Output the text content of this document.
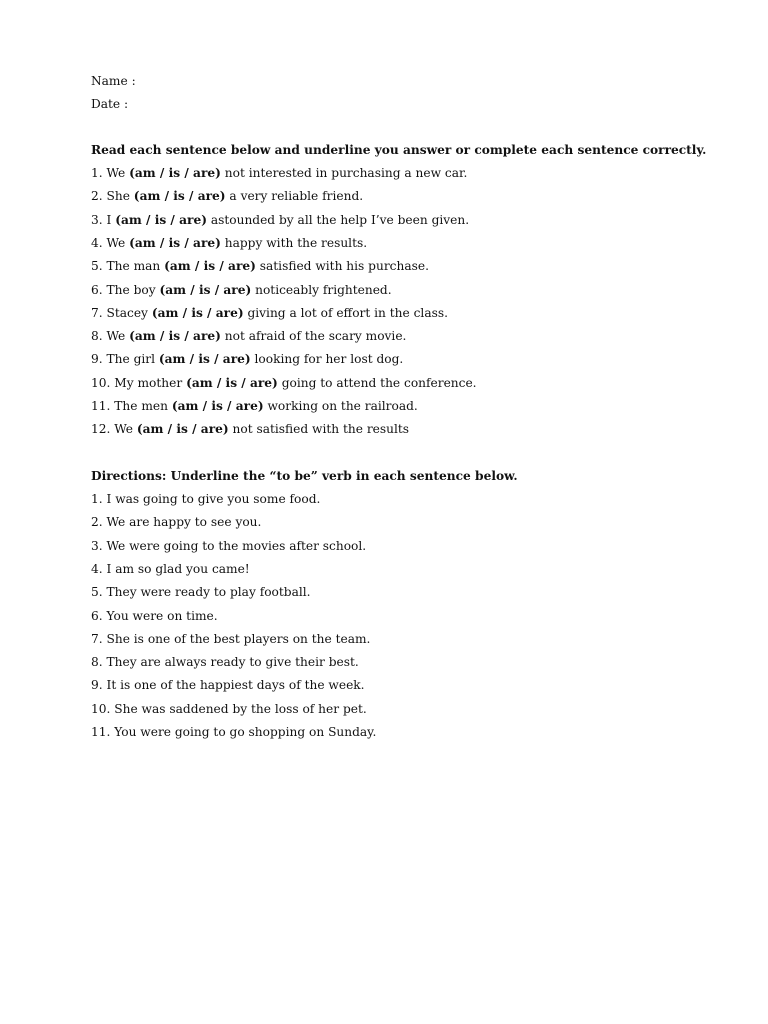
Name :
Date :
Read each sentence below and underline you answer or complete each sentence correctly.
1. We (am / is / are) not interested in purchasing a new car.
2. She (am / is / are) a very reliable friend.
3. I (am / is / are) astounded by all the help I’ve been given.
4. We (am / is / are) happy with the results.
5. The man (am / is / are) satisfied with his purchase.
6. The boy (am / is / are) noticeably frightened.
7. Stacey (am / is / are) giving a lot of effort in the class.
8. We (am / is / are) not afraid of the scary movie.
9. The girl (am / is / are) looking for her lost dog.
10. My mother (am / is / are) going to attend the conference.
11. The men (am / is / are) working on the railroad.
12. We (am / is / are) not satisfied with the results
Directions: Underline the “to be” verb in each sentence below.
1. I was going to give you some food.
2. We are happy to see you.
3. We were going to the movies after school.
4. I am so glad you came!
5. They were ready to play football.
6. You were on time.
7. She is one of the best players on the team.
8. They are always ready to give their best.
9. It is one of the happiest days of the week.
10. She was saddened by the loss of her pet.
11. You were going to go shopping on Sunday.
